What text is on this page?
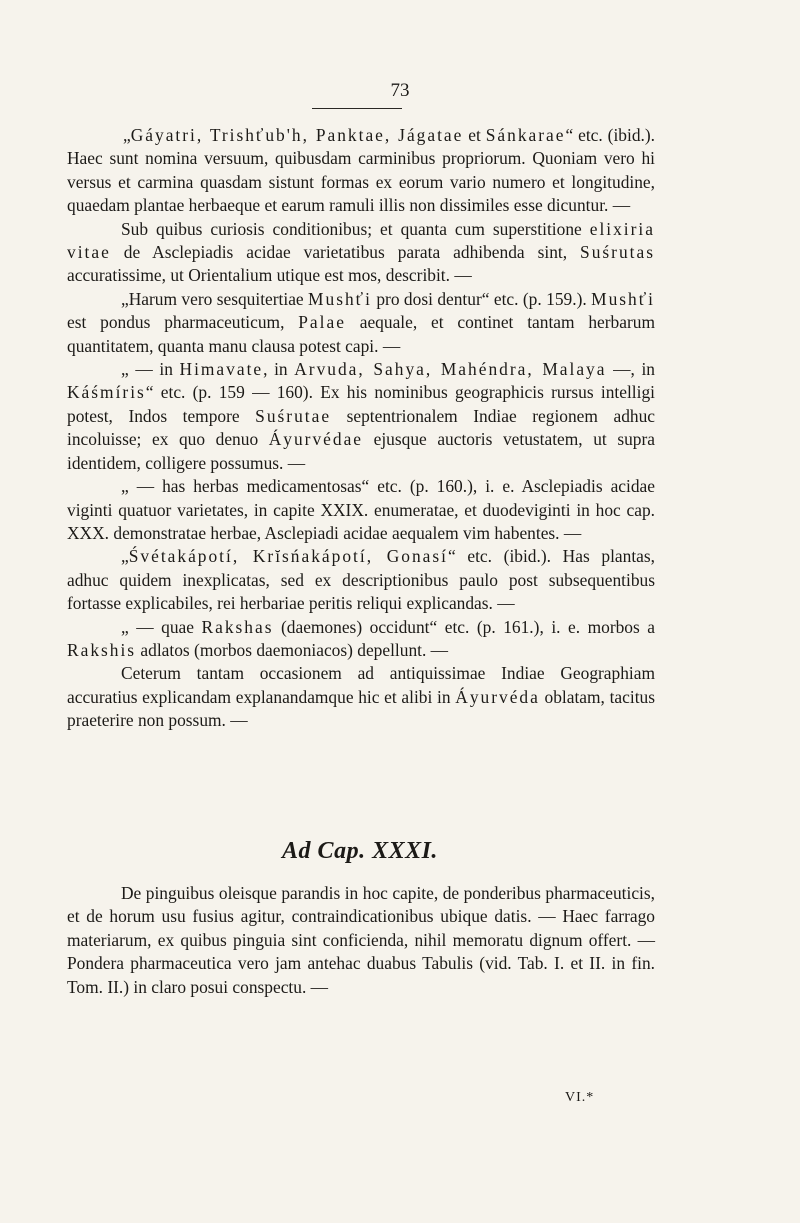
73

„Gáyatri, Trishťub'h, Panktae, Jágatae et Sánkarae“ etc. (ibid.). Haec sunt nomina versuum, quibusdam carminibus propriorum. Quoniam vero hi versus et carmina quasdam sistunt formas ex eorum vario numero et longitudine, quaedam plantae herbaeque et earum ramuli illis non dissimiles esse dicuntur. —

Sub quibus curiosis conditionibus; et quanta cum superstitione elixiria vitae de Asclepiadis acidae varietatibus parata adhibenda sint, Suśrutas accuratissime, ut Orientalium utique est mos, describit. —

„Harum vero sesquitertiae Mushťi pro dosi dentur“ etc. (p. 159.). Mushťi est pondus pharmaceuticum, Palae aequale, et continet tantam herbarum quantitatem, quanta manu clausa potest capi. —

„ — in Himavate, in Arvuda, Sahya, Mahéndra, Malaya —, in Káśmíris“ etc. (p. 159 — 160). Ex his nominibus geographicis rursus intelligi potest, Indos tempore Suśrutae septentrionalem Indiae regionem adhuc incoluisse; ex quo denuo Áyurvédae ejusque auctoris vetustatem, ut supra identidem, colligere possumus. —

„ — has herbas medicamentosas“ etc. (p. 160.), i. e. Asclepiadis acidae viginti quatuor varietates, in capite XXIX. enumeratae, et duodeviginti in hoc cap. XXX. demonstratae herbae, Asclepiadi acidae aequalem vim habentes. —

„Śvétakápotí, Krĭsńakápotí, Gonasí“ etc. (ibid.). Has plantas, adhuc quidem inexplicatas, sed ex descriptionibus paulo post subsequentibus fortasse explicabiles, rei herbariae peritis reliqui explicandas. —

„ — quae Rakshas (daemones) occidunt“ etc. (p. 161.), i. e. morbos a Rakshis adlatos (morbos daemoniacos) depellunt. —

Ceterum tantam occasionem ad antiquissimae Indiae Geographiam accuratius explicandam explanandamque hic et alibi in Áyurvéda oblatam, tacitus praeterire non possum. —

Ad Cap. XXXI.

De pinguibus oleisque parandis in hoc capite, de ponderibus pharmaceuticis, et de horum usu fusius agitur, contraindicationibus ubique datis. — Haec farrago materiarum, ex quibus pinguia sint conficienda, nihil memoratu dignum offert. — Pondera pharmaceutica vero jam antehac duabus Tabulis (vid. Tab. I. et II. in fin. Tom. II.) in claro posui conspectu. —

VI.*
